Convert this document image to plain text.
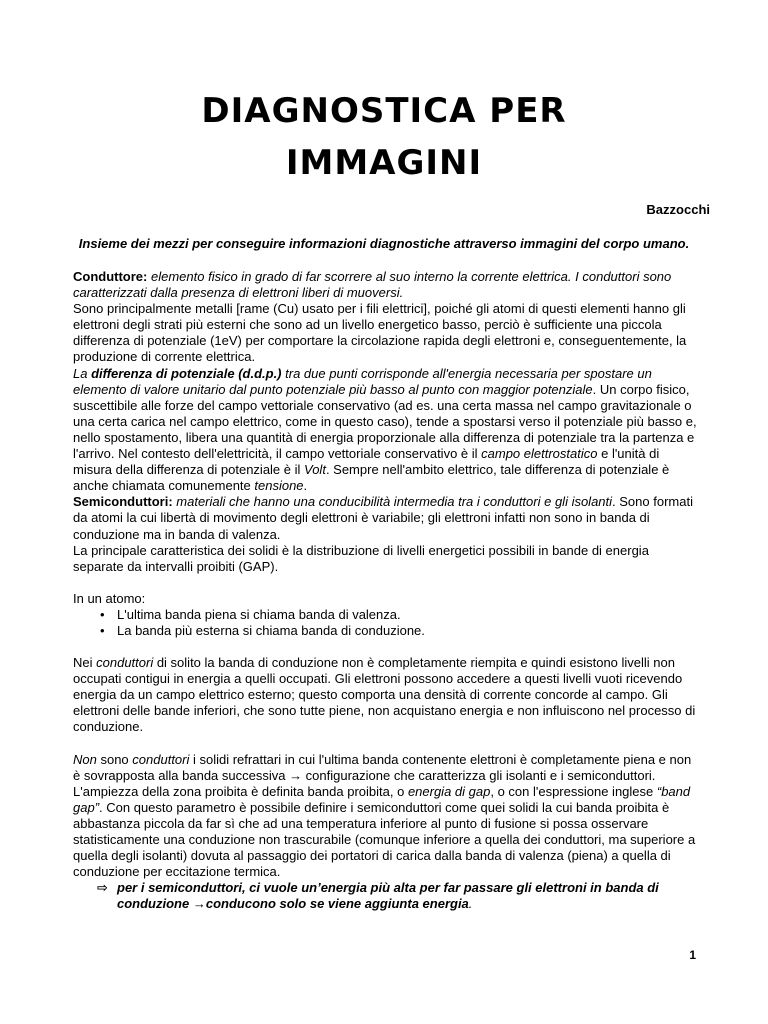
DIAGNOSTICA PER
IMMAGINI
Bazzocchi
Insieme dei mezzi per conseguire informazioni diagnostiche attraverso immagini del corpo umano.

Conduttore: elemento fisico in grado di far scorrere al suo interno la corrente elettrica. I conduttori sono caratterizzati dalla presenza di elettroni liberi di muoversi.

Sono principalmente metalli [rame (Cu) usato per i fili elettrici], poiché gli atomi di questi elementi hanno gli elettroni degli strati più esterni che sono ad un livello energetico basso, perciò è sufficiente una piccola differenza di potenziale (1eV) per comportare la circolazione rapida degli elettroni e, conseguentemente, la produzione di corrente elettrica.

La differenza di potenziale (d.d.p.) tra due punti corrisponde all'energia necessaria per spostare un elemento di valore unitario dal punto potenziale più basso al punto con maggior potenziale. Un corpo fisico, suscettibile alle forze del campo vettoriale conservativo (ad es. una certa massa nel campo gravitazionale o una certa carica nel campo elettrico, come in questo caso), tende a spostarsi verso il potenziale più basso e, nello spostamento, libera una quantità di energia proporzionale alla differenza di potenziale tra la partenza e l'arrivo. Nel contesto dell'elettricità, il campo vettoriale conservativo è il campo elettrostatico e l'unità di misura della differenza di potenziale è il Volt. Sempre nell'ambito elettrico, tale differenza di potenziale è anche chiamata comunemente tensione.

Semiconduttori: materiali che hanno una conducibilità intermedia tra i conduttori e gli isolanti. Sono formati da atomi la cui libertà di movimento degli elettroni è variabile; gli elettroni infatti non sono in banda di conduzione ma in banda di valenza.

La principale caratteristica dei solidi è la distribuzione di livelli energetici possibili in bande di energia separate da intervalli proibiti (GAP).

In un atomo:

• L'ultima banda piena si chiama banda di valenza.
• La banda più esterna si chiama banda di conduzione.

Nei conduttori di solito la banda di conduzione non è completamente riempita e quindi esistono livelli non occupati contigui in energia a quelli occupati. Gli elettroni possono accedere a questi livelli vuoti ricevendo energia da un campo elettrico esterno; questo comporta una densità di corrente concorde al campo. Gli elettroni delle bande inferiori, che sono tutte piene, non acquistano energia e non influiscono nel processo di conduzione.

Non sono conduttori i solidi refrattari in cui l'ultima banda contenente elettroni è completamente piena e non è sovrapposta alla banda successiva → configurazione che caratterizza gli isolanti e i semiconduttori. L'ampiezza della zona proibita è definita banda proibita, o energia di gap, o con l'espressione inglese “band gap”. Con questo parametro è possibile definire i semiconduttori come quei solidi la cui banda proibita è abbastanza piccola da far sì che ad una temperatura inferiore al punto di fusione si possa osservare statisticamente una conduzione non trascurabile (comunque inferiore a quella dei conduttori, ma superiore a quella degli isolanti) dovuta al passaggio dei portatori di carica dalla banda di valenza (piena) a quella di conduzione per eccitazione termica.

⇨ per i semiconduttori, ci vuole un’energia più alta per far passare gli elettroni in banda di conduzione →conducono solo se viene aggiunta energia.
1
